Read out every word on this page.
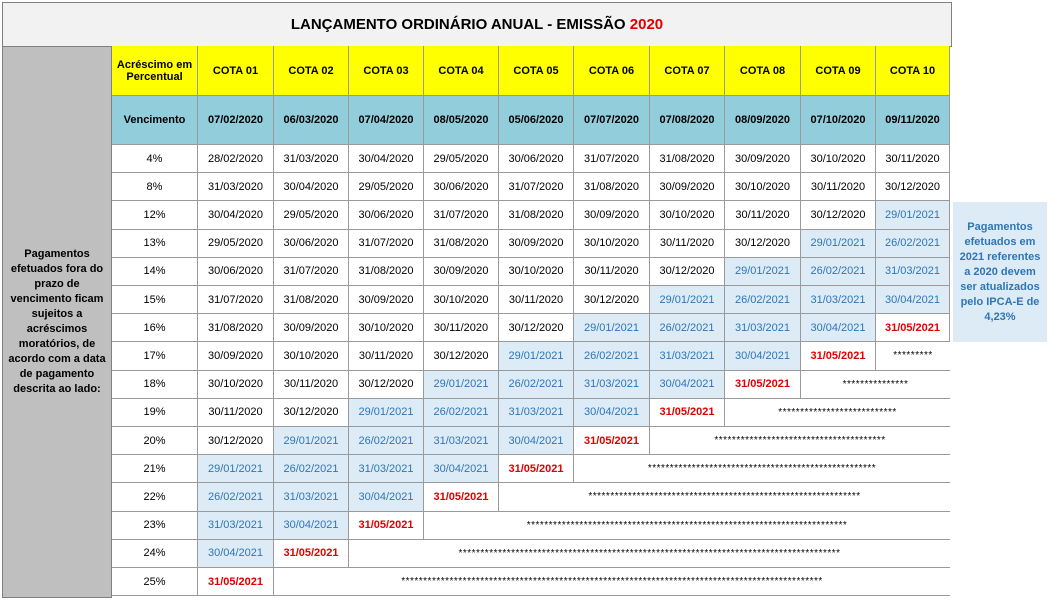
LANÇAMENTO ORDINÁRIO ANUAL - EMISSÃO 2020
Pagamentos efetuados fora do prazo de vencimento ficam sujeitos a acréscimos moratórios, de acordo com a data de pagamento descrita ao lado:
Acréscimo em Percentual	COTA 01	COTA 02	COTA 03	COTA 04	COTA 05	COTA 06	COTA 07	COTA 08	COTA 09	COTA 10
Vencimento	07/02/2020	06/03/2020	07/04/2020	08/05/2020	05/06/2020	07/07/2020	07/08/2020	08/09/2020	07/10/2020	09/11/2020
4%	28/02/2020	31/03/2020	30/04/2020	29/05/2020	30/06/2020	31/07/2020	31/08/2020	30/09/2020	30/10/2020	30/11/2020
8%	31/03/2020	30/04/2020	29/05/2020	30/06/2020	31/07/2020	31/08/2020	30/09/2020	30/10/2020	30/11/2020	30/12/2020
12%	30/04/2020	29/05/2020	30/06/2020	31/07/2020	31/08/2020	30/09/2020	30/10/2020	30/11/2020	30/12/2020	29/01/2021
13%	29/05/2020	30/06/2020	31/07/2020	31/08/2020	30/09/2020	30/10/2020	30/11/2020	30/12/2020	29/01/2021	26/02/2021
14%	30/06/2020	31/07/2020	31/08/2020	30/09/2020	30/10/2020	30/11/2020	30/12/2020	29/01/2021	26/02/2021	31/03/2021
15%	31/07/2020	31/08/2020	30/09/2020	30/10/2020	30/11/2020	30/12/2020	29/01/2021	26/02/2021	31/03/2021	30/04/2021
16%	31/08/2020	30/09/2020	30/10/2020	30/11/2020	30/12/2020	29/01/2021	26/02/2021	31/03/2021	30/04/2021	31/05/2021
17%	30/09/2020	30/10/2020	30/11/2020	30/12/2020	29/01/2021	26/02/2021	31/03/2021	30/04/2021	31/05/2021	*********
18%	30/10/2020	30/11/2020	30/12/2020	29/01/2021	26/02/2021	31/03/2021	30/04/2021	31/05/2021	***************
19%	30/11/2020	30/12/2020	29/01/2021	26/02/2021	31/03/2021	30/04/2021	31/05/2021	***************************
20%	30/12/2020	29/01/2021	26/02/2021	31/03/2021	30/04/2021	31/05/2021	***************************************
21%	29/01/2021	26/02/2021	31/03/2021	30/04/2021	31/05/2021	****************************************************
22%	26/02/2021	31/03/2021	30/04/2021	31/05/2021	**************************************************************
23%	31/03/2021	30/04/2021	31/05/2021	*************************************************************************
24%	30/04/2021	31/05/2021	***************************************************************************************
25%	31/05/2021	************************************************************************************************
Pagamentos efetuados em 2021 referentes a 2020 devem ser atualizados pelo IPCA-E de 4,23%
